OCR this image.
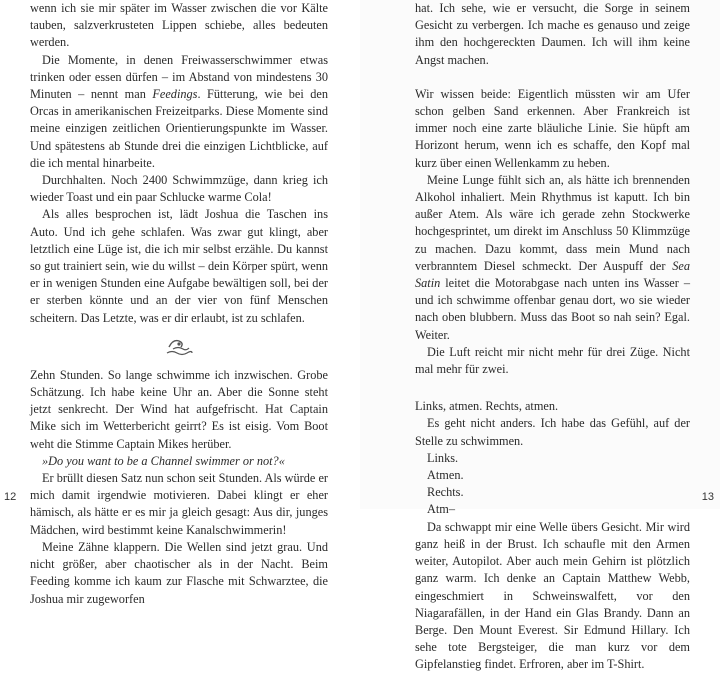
wenn ich sie mir später im Wasser zwischen die vor Kälte tauben, salzverkrusteten Lippen schiebe, alles bedeuten werden.

Die Momente, in denen Freiwasserschwimmer etwas trinken oder essen dürfen – im Abstand von mindestens 30 Minuten – nennt man Feedings. Fütterung, wie bei den Orcas in amerikanischen Freizeitparks. Diese Momente sind meine einzigen zeitlichen Orientierungspunkte im Wasser. Und spätestens ab Stunde drei die einzigen Lichtblicke, auf die ich mental hinarbeite.

Durchhalten. Noch 2400 Schwimmzüge, dann krieg ich wieder Toast und ein paar Schlucke warme Cola!

Als alles besprochen ist, lädt Joshua die Taschen ins Auto. Und ich gehe schlafen. Was zwar gut klingt, aber letztlich eine Lüge ist, die ich mir selbst erzähle. Du kannst so gut trainiert sein, wie du willst – dein Körper spürt, wenn er in wenigen Stunden eine Aufgabe bewältigen soll, bei der er sterben könnte und an der vier von fünf Menschen scheitern. Das Letzte, was er dir erlaubt, ist zu schlafen.

Zehn Stunden. So lange schwimme ich inzwischen. Grobe Schätzung. Ich habe keine Uhr an. Aber die Sonne steht jetzt senkrecht. Der Wind hat aufgefrischt. Hat Captain Mike sich im Wetterbericht geirrt? Es ist eisig. Vom Boot weht die Stimme Captain Mikes herüber.

»Do you want to be a Channel swimmer or not?«

Er brüllt diesen Satz nun schon seit Stunden. Als würde er mich damit irgendwie motivieren. Dabei klingt er eher hämisch, als hätte er es mir ja gleich gesagt: Aus dir, junges Mädchen, wird bestimmt keine Kanalschwimmerin!

Meine Zähne klappern. Die Wellen sind jetzt grau. Und nicht größer, aber chaotischer als in der Nacht. Beim Feeding komme ich kaum zur Flasche mit Schwarztee, die Joshua mir zugeworfen

12

hat. Ich sehe, wie er versucht, die Sorge in seinem Gesicht zu verbergen. Ich mache es genauso und zeige ihm den hochgereckten Daumen. Ich will ihm keine Angst machen.

Wir wissen beide: Eigentlich müssten wir am Ufer schon gelben Sand erkennen. Aber Frankreich ist immer noch eine zarte bläuliche Linie. Sie hüpft am Horizont herum, wenn ich es schaffe, den Kopf mal kurz über einen Wellenkamm zu heben.

Meine Lunge fühlt sich an, als hätte ich brennenden Alkohol inhaliert. Mein Rhythmus ist kaputt. Ich bin außer Atem. Als wäre ich gerade zehn Stockwerke hochgesprintet, um direkt im Anschluss 50 Klimmzüge zu machen. Dazu kommt, dass mein Mund nach verbranntem Diesel schmeckt. Der Auspuff der Sea Satin leitet die Motorabgase nach unten ins Wasser – und ich schwimme offenbar genau dort, wo sie wieder nach oben blubbern. Muss das Boot so nah sein? Egal. Weiter.

Die Luft reicht mir nicht mehr für drei Züge. Nicht mal mehr für zwei.

Links, atmen. Rechts, atmen.

Es geht nicht anders. Ich habe das Gefühl, auf der Stelle zu schwimmen.

Links.

Atmen.

Rechts.

Atm–

Da schwappt mir eine Welle übers Gesicht. Mir wird ganz heiß in der Brust. Ich schaufle mit den Armen weiter, Autopilot. Aber auch mein Gehirn ist plötzlich ganz warm. Ich denke an Captain Matthew Webb, eingeschmiert in Schweinswalfett, vor den Niagarafällen, in der Hand ein Glas Brandy. Dann an Berge. Den Mount Everest. Sir Edmund Hillary. Ich sehe tote Bergsteiger, die man kurz vor dem Gipfelanstieg findet. Erfroren, aber im T-Shirt.

13
